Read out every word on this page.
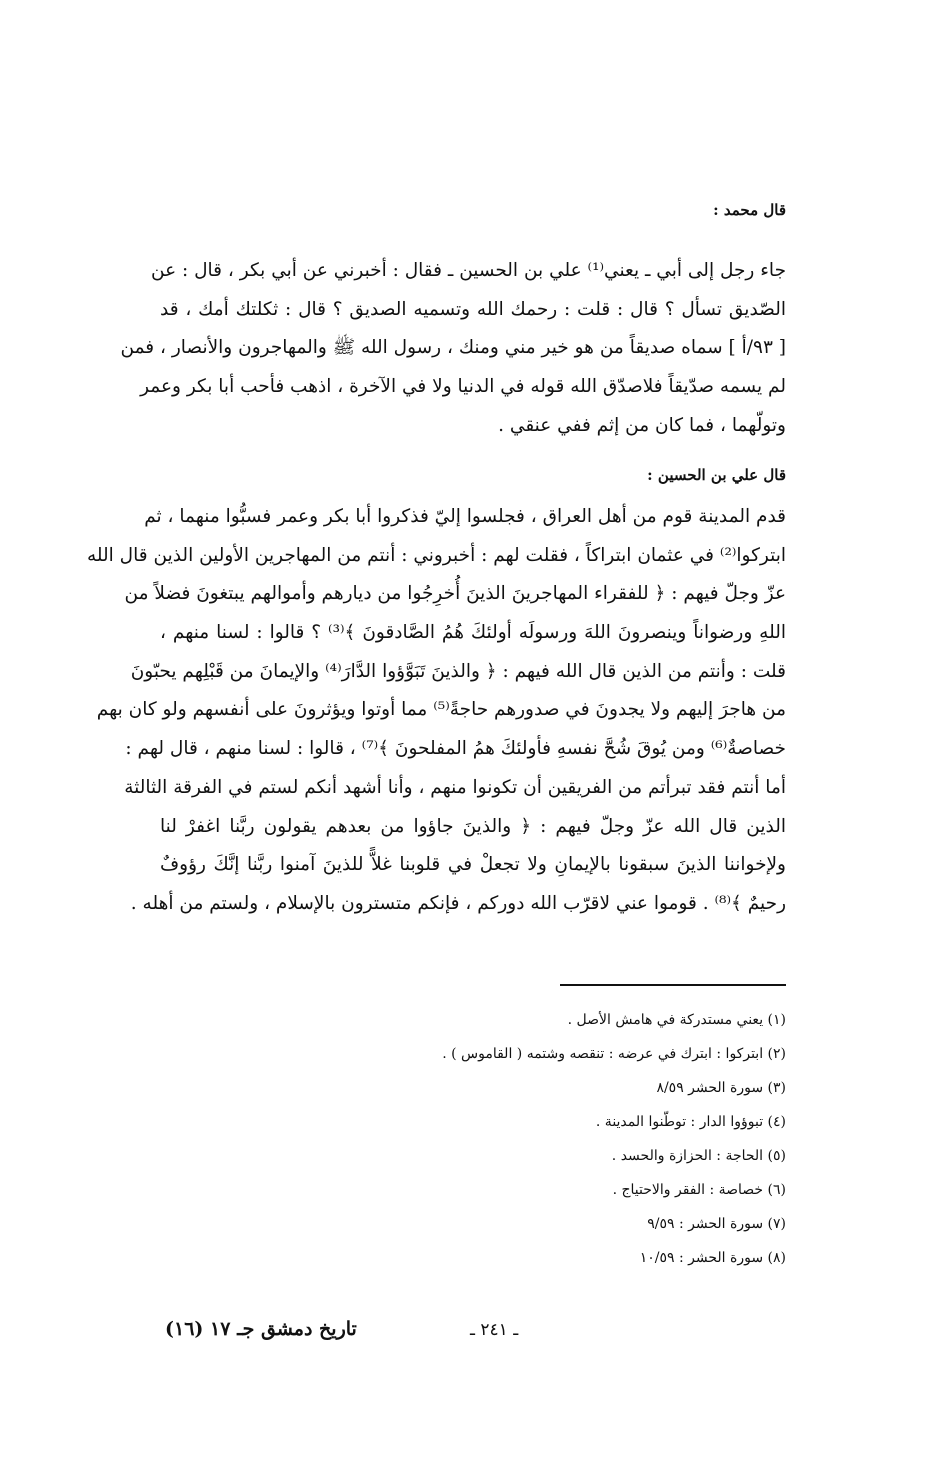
قال محمد :
جاء رجل إلى أبي ـ يعني⁽¹⁾ علي بن الحسين ـ فقال : أخبرني عن أبي بكر ، قال : عن
الصّديق تسأل ؟ قال : قلت : رحمك الله وتسميه الصديق ؟ قال : ثكلتك أمك ، قد
[ ٩٣/أ ] سماه صديقاً من هو خير مني ومنك ، رسول الله ﷺ والمهاجرون والأنصار ، فمن
لم يسمه صدّيقاً فلاصدّق الله قوله في الدنيا ولا في الآخرة ، اذهب فأحب أبا بكر وعمر
وتولّهما ، فما كان من إثم ففي عنقي .
قال علي بن الحسين :
قدم المدينة قوم من أهل العراق ، فجلسوا إليّ فذكروا أبا بكر وعمر فسبُّوا منهما ، ثم
ابتركوا⁽²⁾ في عثمان ابتراكاً ، فقلت لهم : أخبروني : أنتم من المهاجرين الأولين الذين قال الله
عزّ وجلّ فيهم : ﴿ للفقراء المهاجرينَ الذينَ أُخرِجُوا من ديارهم وأموالهم يبتغونَ فضلاً من
اللهِ ورضواناً وينصرونَ اللهَ ورسولَه أولئكَ هُمُ الصَّادقونَ ﴾⁽³⁾ ؟ قالوا : لسنا منهم ،
قلت : وأنتم من الذين قال الله فيهم : ﴿ والذينَ تَبَوَّؤوا الدَّارَ⁽⁴⁾ والإيمانَ من قَبْلِهم يحبّونَ
من هاجرَ إليهم ولا يجدونَ في صدورهم حاجةً⁽⁵⁾ مما أوتوا ويؤثرونَ على أنفسهم ولو كان بهم
خصاصةٌ⁽⁶⁾ ومن يُوقَ شُحَّ نفسهِ فأولئكَ همُ المفلحونَ ﴾⁽⁷⁾ ، قالوا : لسنا منهم ، قال لهم :
أما أنتم فقد تبرأتم من الفريقين أن تكونوا منهم ، وأنا أشهد أنكم لستم في الفرقة الثالثة
الذين قال الله عزّ وجلّ فيهم : ﴿ والذينَ جاؤوا من بعدهم يقولون ربَّنا اغفرْ لنا
ولإخواننا الذينَ سبقونا بالإيمانِ ولا تجعلْ في قلوبنا غلاًّ للذينَ آمنوا ربَّنا إنَّكَ رؤوفٌ
رحيمٌ ﴾⁽⁸⁾ . قوموا عني لاقرّب الله دوركم ، فإنكم متسترون بالإسلام ، ولستم من أهله .
(١) يعني مستدركة في هامش الأصل .
(٢) ابتركوا : ابترك في عرضه : تنقصه وشتمه ( القاموس ) .
(٣) سورة الحشر ٨/٥٩
(٤) تبوؤوا الدار : توطّنوا المدينة .
(٥) الحاجة : الحزازة والحسد .
(٦) خصاصة : الفقر والاحتياج .
(٧) سورة الحشر : ٩/٥٩
(٨) سورة الحشر : ١٠/٥٩
ـ ٢٤١ ـ
تاريخ دمشق جـ ١٧ (١٦)
